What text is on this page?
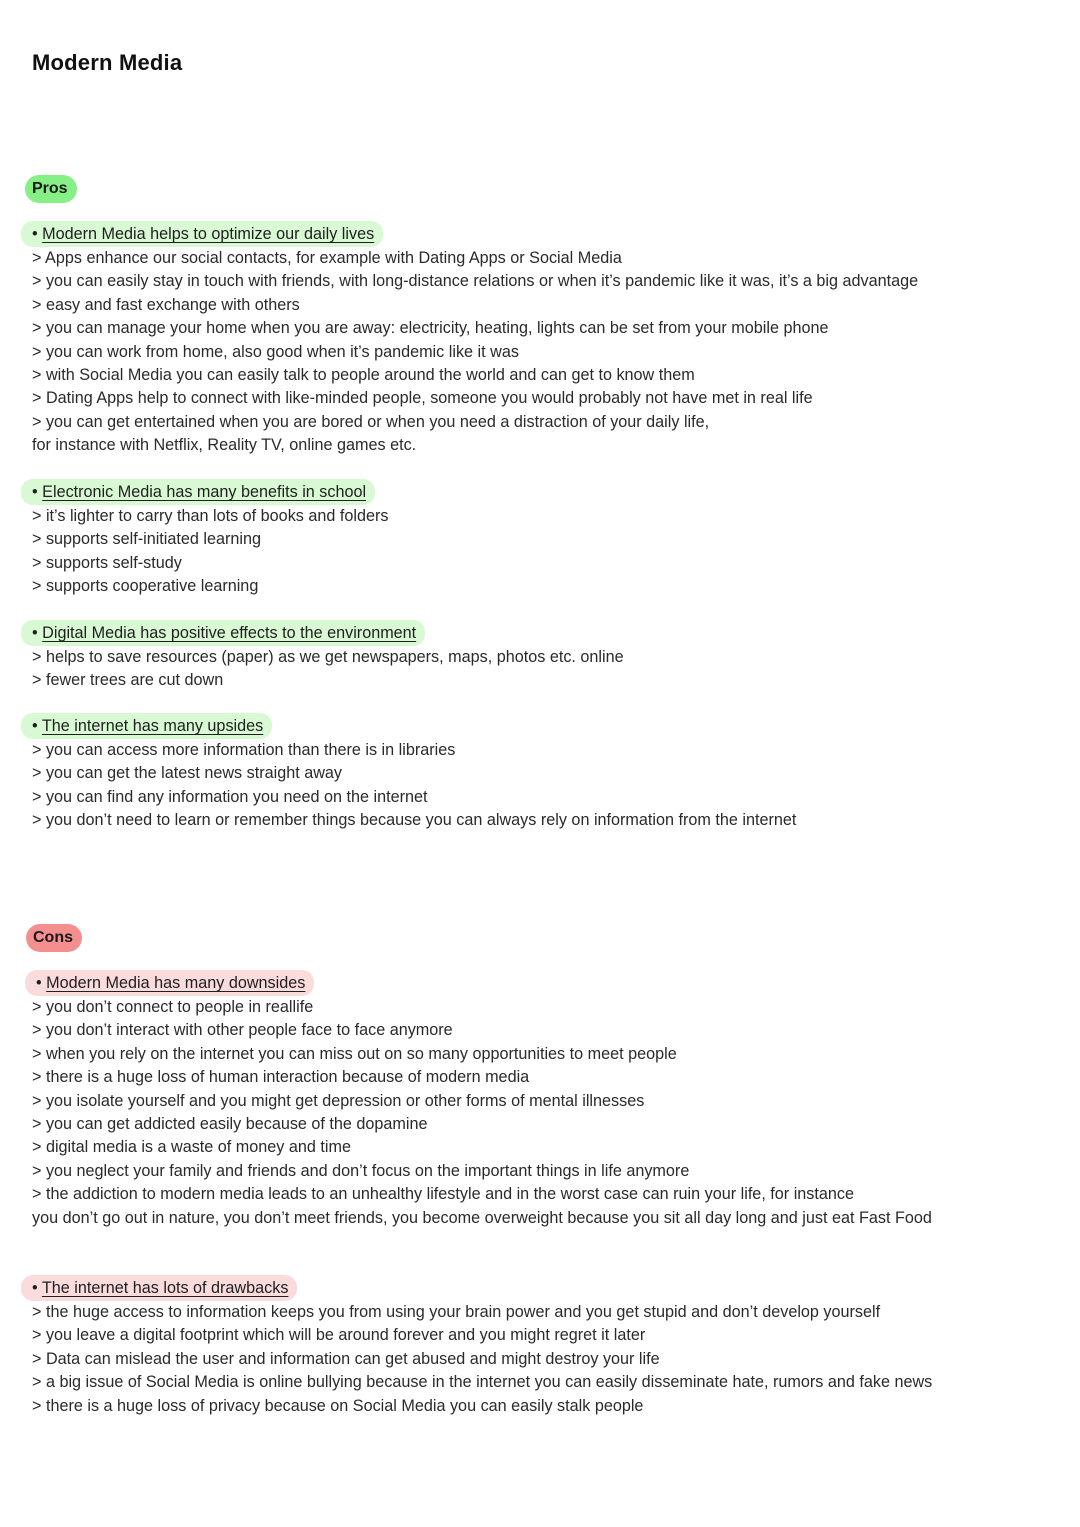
Modern Media
Pros
• Modern Media helps to optimize our daily lives
> Apps enhance our social contacts, for example with Dating Apps or Social Media
> you can easily stay in touch with friends, with long-distance relations or when it’s pandemic like it was, it’s a big advantage
> easy and fast exchange with others
> you can manage your home when you are away: electricity, heating, lights can be set from your mobile phone
> you can work from home, also good when it’s pandemic like it was
> with Social Media you can easily talk to people around the world and can get to know them
> Dating Apps help to connect with like-minded people, someone you would probably not have met in real life
> you can get entertained when you are bored or when you need a distraction of your daily life,
for instance with Netflix, Reality TV, online games etc.
• Electronic Media has many benefits in school
> it’s lighter to carry than lots of books and folders
> supports self-initiated learning
> supports self-study
> supports cooperative learning
• Digital Media has positive effects to the environment
> helps to save resources (paper) as we get newspapers, maps, photos etc. online
> fewer trees are cut down
• The internet has many upsides
> you can access more information than there is in libraries
> you can get the latest news straight away
> you can find any information you need on the internet
> you don’t need to learn or remember things because you can always rely on information from the internet
Cons
• Modern Media has many downsides
> you don’t connect to people in reallife
> you don’t interact with other people face to face anymore
> when you rely on the internet you can miss out on so many opportunities to meet people
> there is a huge loss of human interaction because of modern media
> you isolate yourself and you might get depression or other forms of mental illnesses
> you can get addicted easily because of the dopamine
> digital media is a waste of money and time
> you neglect your family and friends and don’t focus on the important things in life anymore
> the addiction to modern media leads to an unhealthy lifestyle and in the worst case can ruin your life, for instance
you don’t go out in nature, you don’t meet friends, you become overweight because you sit all day long and just eat Fast Food
• The internet has lots of drawbacks
> the huge access to information keeps you from using your brain power and you get stupid and don’t develop yourself
> you leave a digital footprint which will be around forever and you might regret it later
> Data can mislead the user and information can get abused and might destroy your life
> a big issue of Social Media is online bullying because in the internet you can easily disseminate hate, rumors and fake news
> there is a huge loss of privacy because on Social Media you can easily stalk people
